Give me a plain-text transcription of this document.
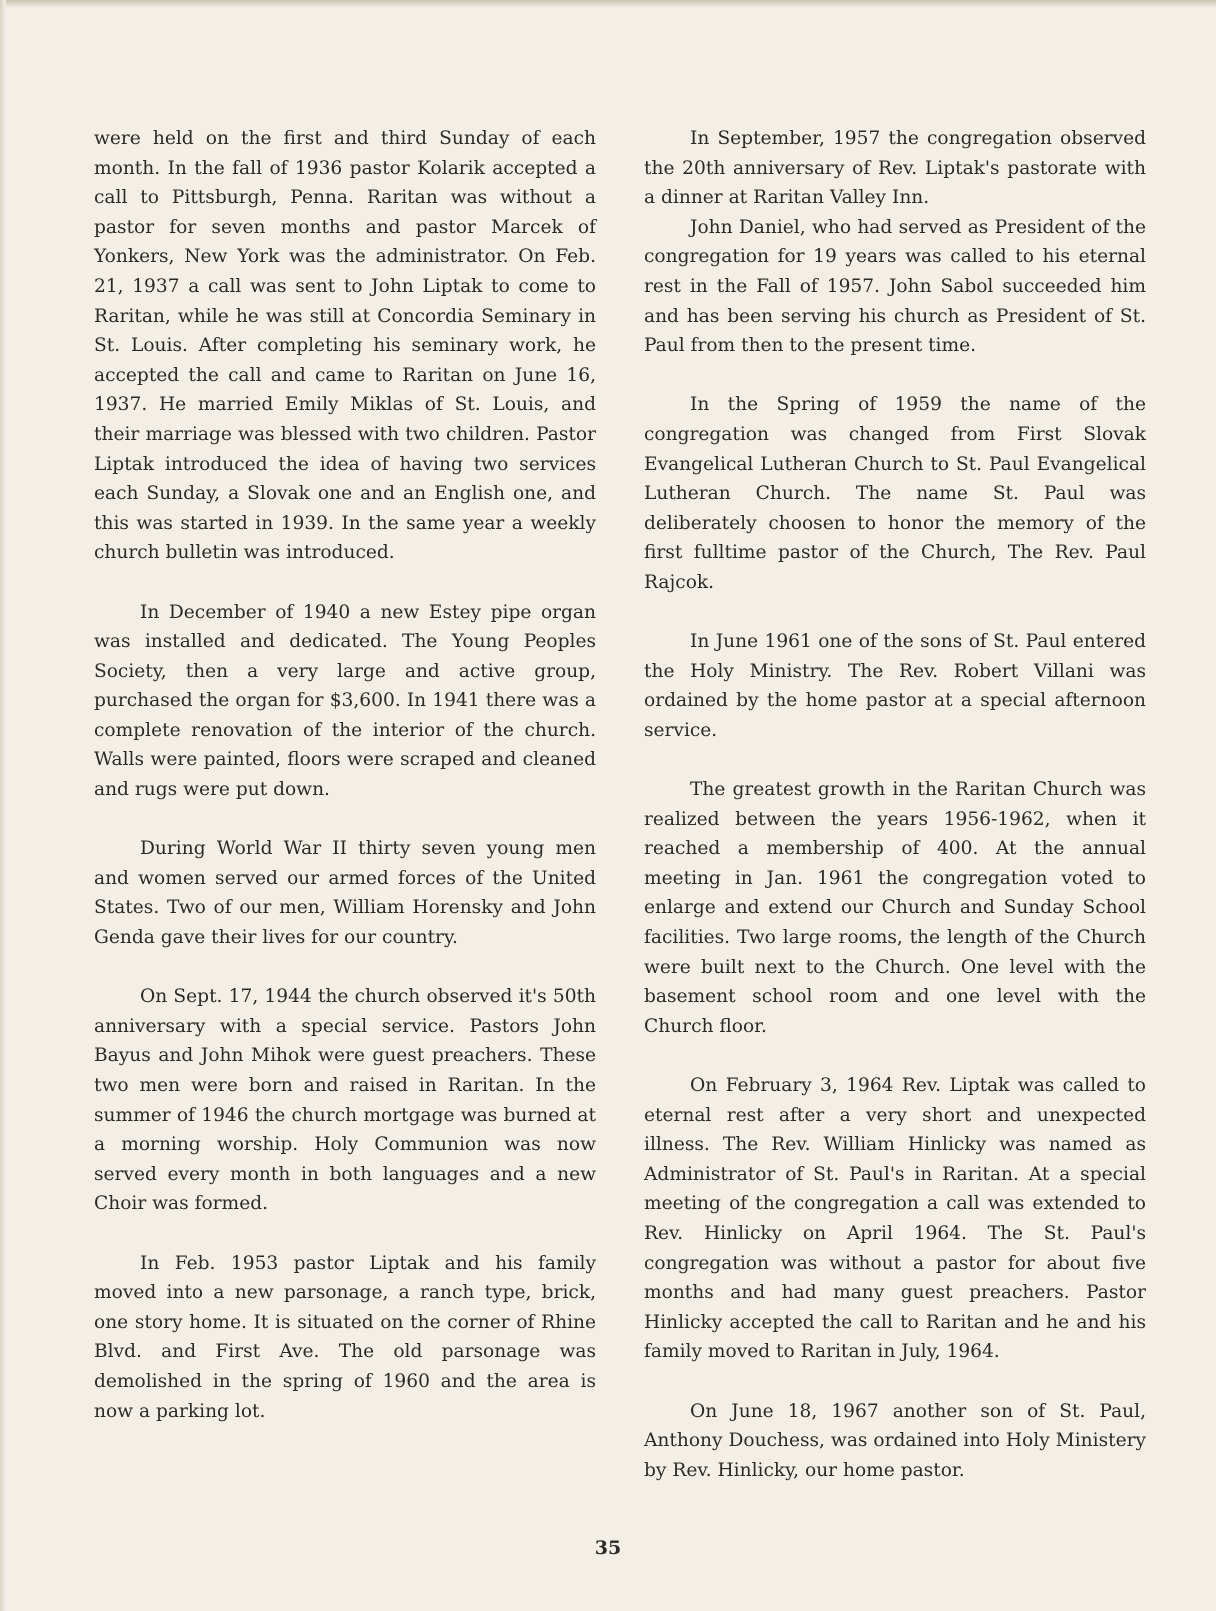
were held on the first and third Sunday of each month. In the fall of 1936 pastor Kolarik accepted a call to Pittsburgh, Penna. Raritan was without a pastor for seven months and pastor Marcek of Yonkers, New York was the administrator. On Feb. 21, 1937 a call was sent to John Liptak to come to Raritan, while he was still at Concordia Seminary in St. Louis. After completing his seminary work, he accepted the call and came to Raritan on June 16, 1937. He married Emily Miklas of St. Louis, and their marriage was blessed with two children. Pastor Liptak introduced the idea of having two services each Sunday, a Slovak one and an English one, and this was started in 1939. In the same year a weekly church bulletin was introduced.

In December of 1940 a new Estey pipe organ was installed and dedicated. The Young Peoples Society, then a very large and active group, purchased the organ for $3,600. In 1941 there was a complete renovation of the interior of the church. Walls were painted, floors were scraped and cleaned and rugs were put down.

During World War II thirty seven young men and women served our armed forces of the United States. Two of our men, William Horensky and John Genda gave their lives for our country.

On Sept. 17, 1944 the church observed it's 50th anniversary with a special service. Pastors John Bayus and John Mihok were guest preachers. These two men were born and raised in Raritan. In the summer of 1946 the church mortgage was burned at a morning worship. Holy Communion was now served every month in both languages and a new Choir was formed.

In Feb. 1953 pastor Liptak and his family moved into a new parsonage, a ranch type, brick, one story home. It is situated on the corner of Rhine Blvd. and First Ave. The old parsonage was demolished in the spring of 1960 and the area is now a parking lot.

In September, 1957 the congregation observed the 20th anniversary of Rev. Liptak's pastorate with a dinner at Raritan Valley Inn.

John Daniel, who had served as President of the congregation for 19 years was called to his eternal rest in the Fall of 1957. John Sabol succeeded him and has been serving his church as President of St. Paul from then to the present time.

In the Spring of 1959 the name of the congregation was changed from First Slovak Evangelical Lutheran Church to St. Paul Evangelical Lutheran Church. The name St. Paul was deliberately choosen to honor the memory of the first fulltime pastor of the Church, The Rev. Paul Rajcok.

In June 1961 one of the sons of St. Paul entered the Holy Ministry. The Rev. Robert Villani was ordained by the home pastor at a special afternoon service.

The greatest growth in the Raritan Church was realized between the years 1956-1962, when it reached a membership of 400. At the annual meeting in Jan. 1961 the congregation voted to enlarge and extend our Church and Sunday School facilities. Two large rooms, the length of the Church were built next to the Church. One level with the basement school room and one level with the Church floor.

On February 3, 1964 Rev. Liptak was called to eternal rest after a very short and unexpected illness. The Rev. William Hinlicky was named as Administrator of St. Paul's in Raritan. At a special meeting of the congregation a call was extended to Rev. Hinlicky on April 1964. The St. Paul's congregation was without a pastor for about five months and had many guest preachers. Pastor Hinlicky accepted the call to Raritan and he and his family moved to Raritan in July, 1964.

On June 18, 1967 another son of St. Paul, Anthony Douchess, was ordained into Holy Ministery by Rev. Hinlicky, our home pastor.

35
